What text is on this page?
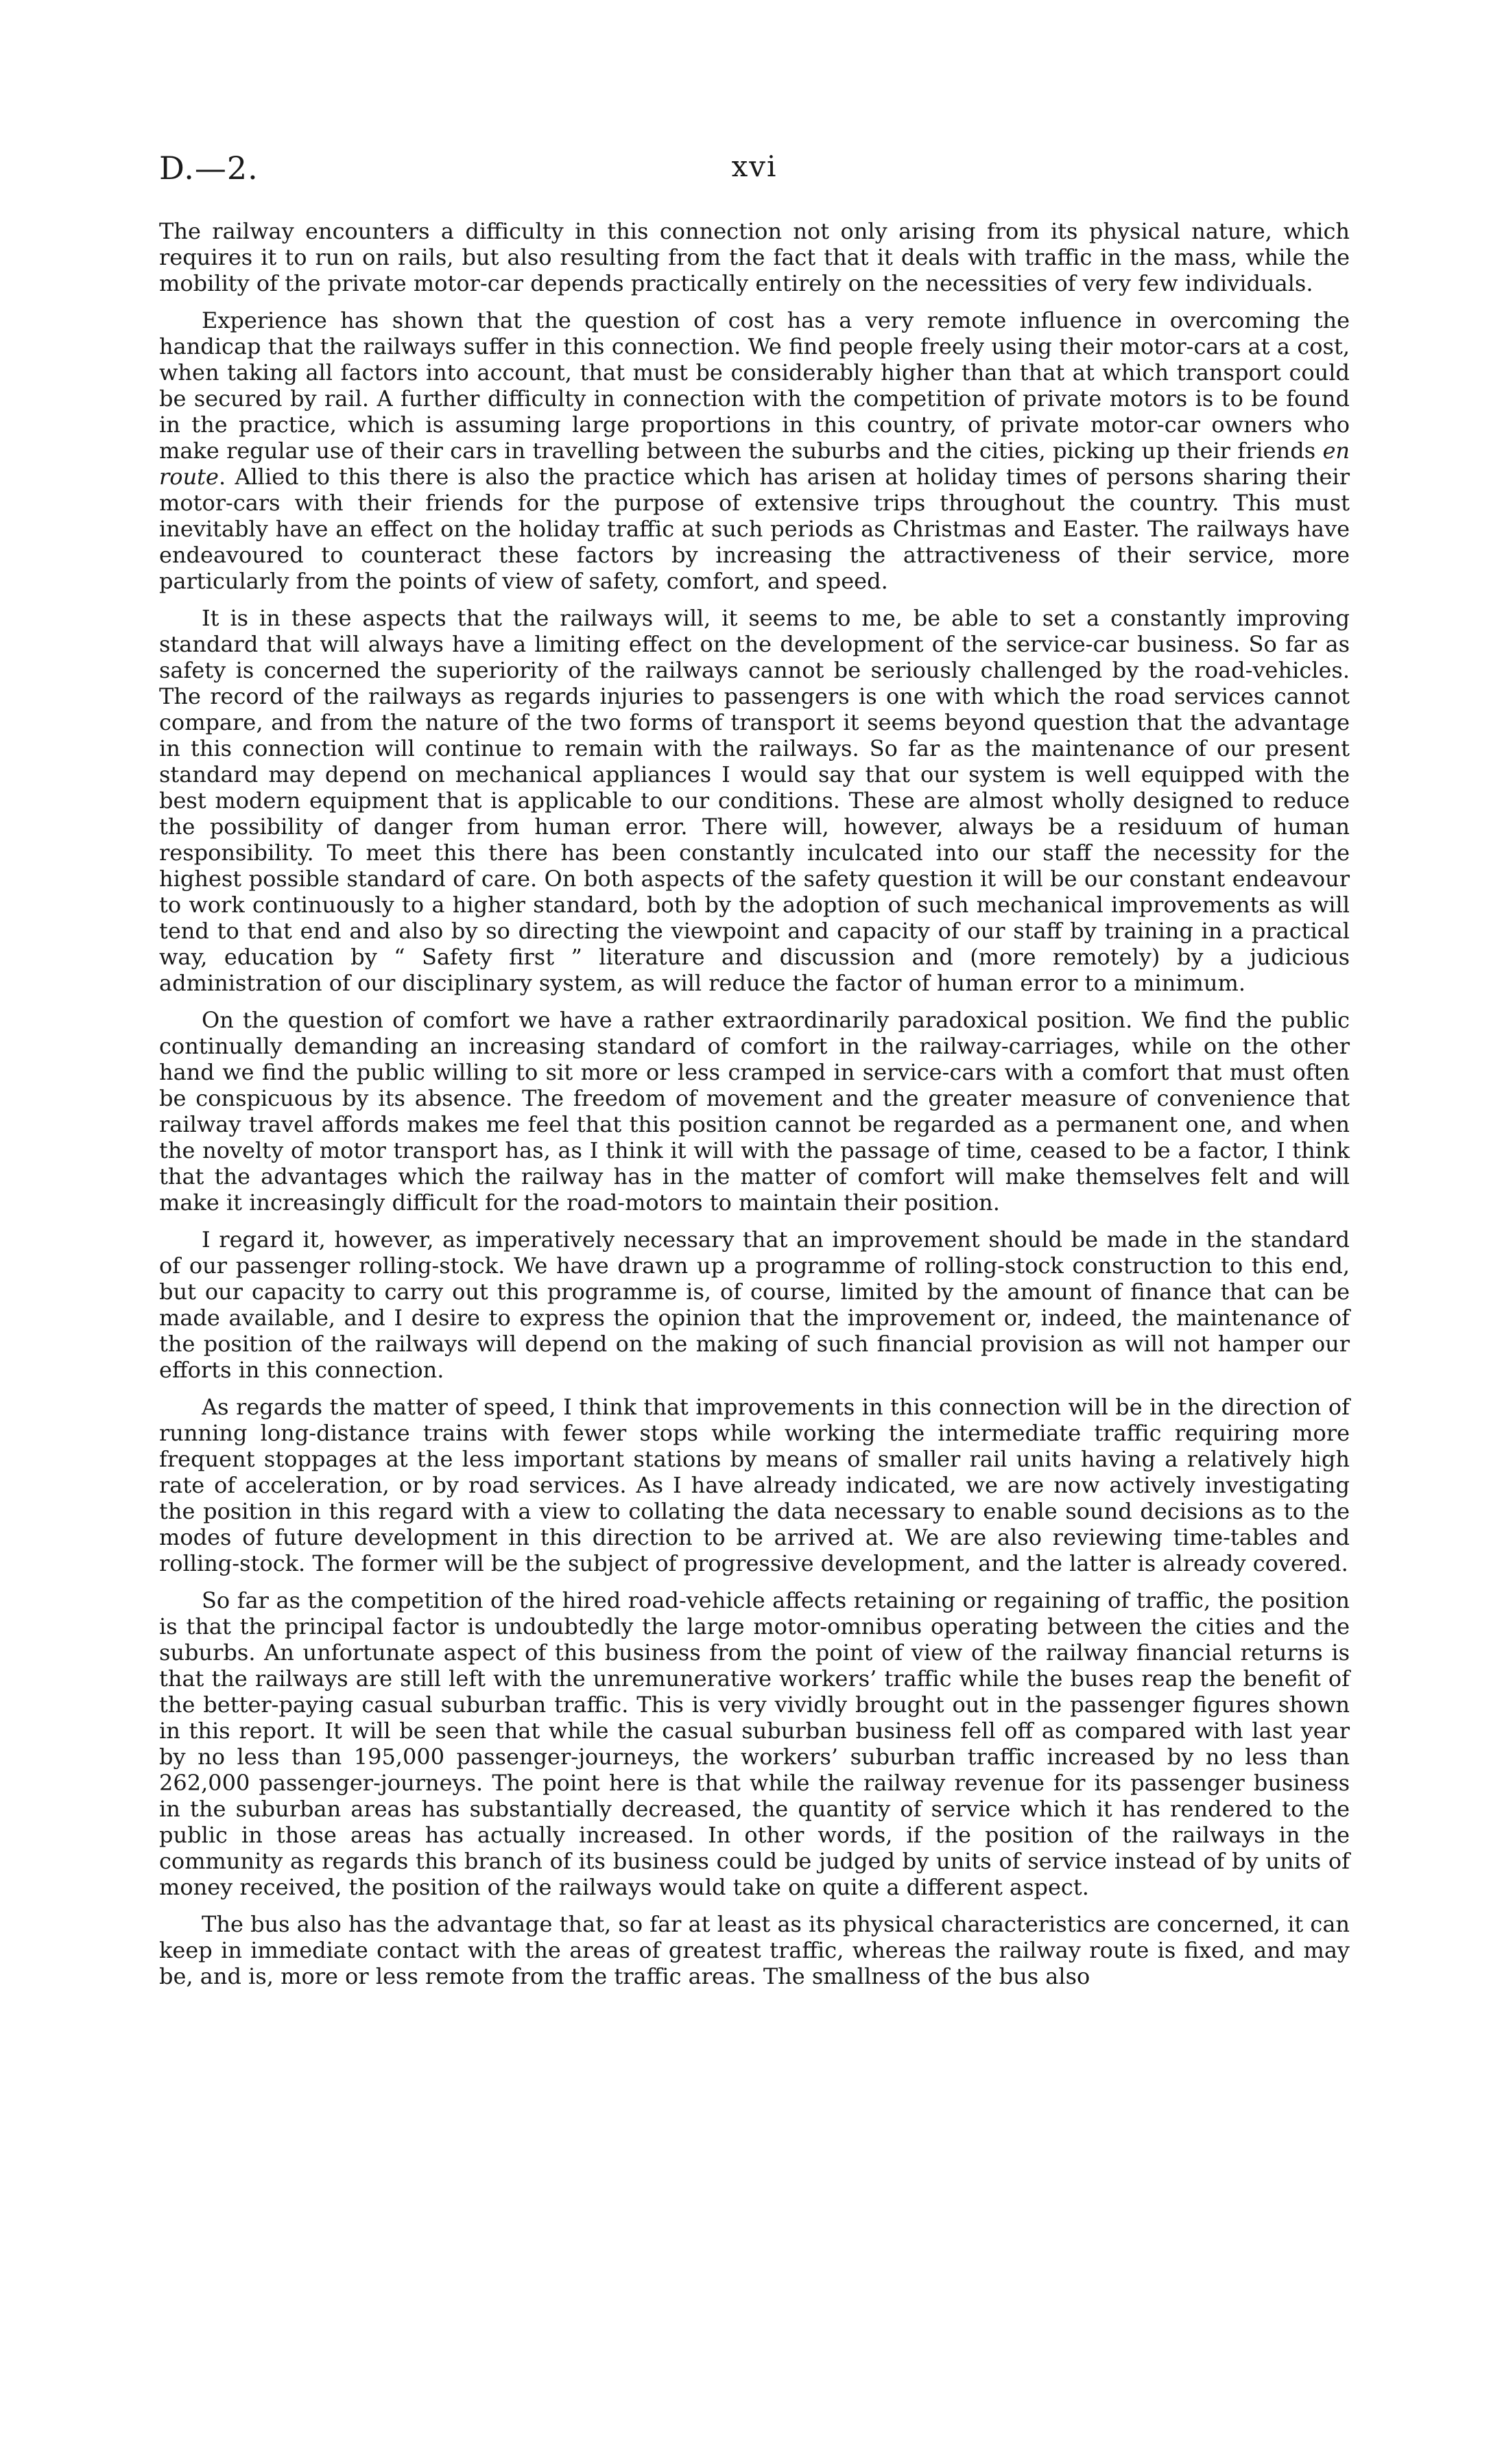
D.—2.	xvi

The railway encounters a difficulty in this connection not only arising from its physical nature, which requires it to run on rails, but also resulting from the fact that it deals with traffic in the mass, while the mobility of the private motor-car depends practically entirely on the necessities of very few individuals.

Experience has shown that the question of cost has a very remote influence in overcoming the handicap that the railways suffer in this connection. We find people freely using their motor-cars at a cost, when taking all factors into account, that must be considerably higher than that at which transport could be secured by rail. A further difficulty in connection with the competition of private motors is to be found in the practice, which is assuming large proportions in this country, of private motor-car owners who make regular use of their cars in travelling between the suburbs and the cities, picking up their friends en route. Allied to this there is also the practice which has arisen at holiday times of persons sharing their motor-cars with their friends for the purpose of extensive trips throughout the country. This must inevitably have an effect on the holiday traffic at such periods as Christmas and Easter. The railways have endeavoured to counteract these factors by increasing the attractiveness of their service, more particularly from the points of view of safety, comfort, and speed.

It is in these aspects that the railways will, it seems to me, be able to set a constantly improving standard that will always have a limiting effect on the development of the service-car business. So far as safety is concerned the superiority of the railways cannot be seriously challenged by the road-vehicles. The record of the railways as regards injuries to passengers is one with which the road services cannot compare, and from the nature of the two forms of transport it seems beyond question that the advantage in this connection will continue to remain with the railways. So far as the maintenance of our present standard may depend on mechanical appliances I would say that our system is well equipped with the best modern equipment that is applicable to our conditions. These are almost wholly designed to reduce the possibility of danger from human error. There will, however, always be a residuum of human responsibility. To meet this there has been constantly inculcated into our staff the necessity for the highest possible standard of care. On both aspects of the safety question it will be our constant endeavour to work continuously to a higher standard, both by the adoption of such mechanical improvements as will tend to that end and also by so directing the viewpoint and capacity of our staff by training in a practical way, education by “ Safety first ” literature and discussion and (more remotely) by a judicious administration of our disciplinary system, as will reduce the factor of human error to a minimum.

On the question of comfort we have a rather extraordinarily paradoxical position. We find the public continually demanding an increasing standard of comfort in the railway-carriages, while on the other hand we find the public willing to sit more or less cramped in service-cars with a comfort that must often be conspicuous by its absence. The freedom of movement and the greater measure of convenience that railway travel affords makes me feel that this position cannot be regarded as a permanent one, and when the novelty of motor transport has, as I think it will with the passage of time, ceased to be a factor, I think that the advantages which the railway has in the matter of comfort will make themselves felt and will make it increasingly difficult for the road-motors to maintain their position.

I regard it, however, as imperatively necessary that an improvement should be made in the standard of our passenger rolling-stock. We have drawn up a programme of rolling-stock construction to this end, but our capacity to carry out this programme is, of course, limited by the amount of finance that can be made available, and I desire to express the opinion that the improvement or, indeed, the maintenance of the position of the railways will depend on the making of such financial provision as will not hamper our efforts in this connection.

As regards the matter of speed, I think that improvements in this connection will be in the direction of running long-distance trains with fewer stops while working the intermediate traffic requiring more frequent stoppages at the less important stations by means of smaller rail units having a relatively high rate of acceleration, or by road services. As I have already indicated, we are now actively investigating the position in this regard with a view to collating the data necessary to enable sound decisions as to the modes of future development in this direction to be arrived at. We are also reviewing time-tables and rolling-stock. The former will be the subject of progressive development, and the latter is already covered.

So far as the competition of the hired road-vehicle affects retaining or regaining of traffic, the position is that the principal factor is undoubtedly the large motor-omnibus operating between the cities and the suburbs. An unfortunate aspect of this business from the point of view of the railway financial returns is that the railways are still left with the unremunerative workers’ traffic while the buses reap the benefit of the better-paying casual suburban traffic. This is very vividly brought out in the passenger figures shown in this report. It will be seen that while the casual suburban business fell off as compared with last year by no less than 195,000 passenger-journeys, the workers’ suburban traffic increased by no less than 262,000 passenger-journeys. The point here is that while the railway revenue for its passenger business in the suburban areas has substantially decreased, the quantity of service which it has rendered to the public in those areas has actually increased. In other words, if the position of the railways in the community as regards this branch of its business could be judged by units of service instead of by units of money received, the position of the railways would take on quite a different aspect.

The bus also has the advantage that, so far at least as its physical characteristics are concerned, it can keep in immediate contact with the areas of greatest traffic, whereas the railway route is fixed, and may be, and is, more or less remote from the traffic areas. The smallness of the bus also
